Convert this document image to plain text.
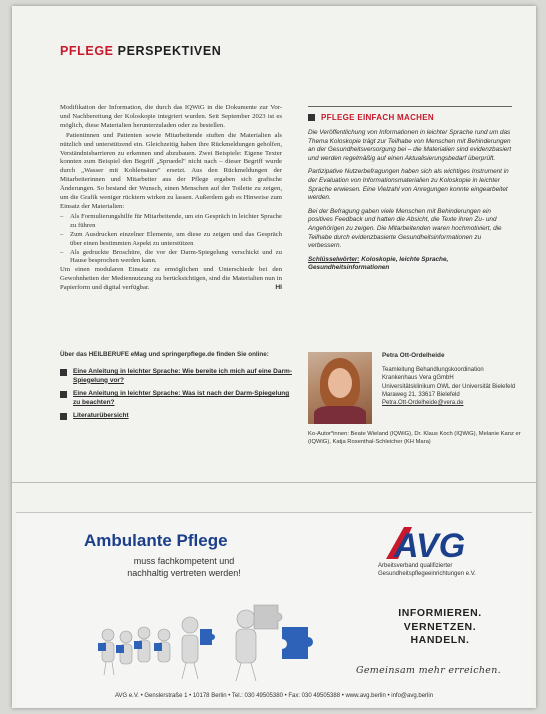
PFLEGE PERSPEKTIVEN

Modifikation der Information, die durch das IQWiG in die Dokumente zur Vor- und Nachbereitung der Koloskopie integriert wurden. Seit September 2023 ist es möglich, diese Materialien herunterzuladen oder zu bestellen.

Patientinnen und Patienten sowie Mitarbeitende stuften die Materialien als nützlich und unterstützend ein. Gleichzeitig haben ihre Rückmeldungen geholfen, Verständnisbarrieren zu erkennen und abzubauen. Zwei Beispiele: Eigene Texter konnten zum Beispiel den Begriff „Spruedel" nicht nach – dieser Begriff wurde durch „Wasser mit Kohlensäure" ersetzt. Aus den Rückmeldungen der Mitarbeiterinnen und Mitarbeiter aus der Pflege ergaben sich grafische Änderungen. So bestand der Wunsch, einen Menschen auf der Toilette zu zeigen, um die Grafik weniger rücktern wirken zu lassen. Außerdem gab es Hinweise zum Einsatz der Materialien:

– Als Formulierungshilfe für Mitarbeitende, um ein Gespräch in leichter Sprache zu führen
– Zum Ausdrucken einzelner Elemente, um diese zu zeigen und das Gespräch über einen bestimmten Aspekt zu unterstützen
– Als gedruckte Broschüre, die vor der Darm-Spiegelung verschickt und zu Hause besprochen werden kann.

Um einen modularen Einsatz zu ermöglichen und Unterschiede bei den Gewohnheiten der Mediennutzung zu berücksichtigen, sind die Materialien nun in Papierform und digital verfügbar.	HI

Über das HEILBERUFE eMag und springerpflege.de finden Sie online:
Eine Anleitung in leichter Sprache: Wie bereite ich mich auf eine Darm-Spiegelung vor?
Eine Anleitung in leichter Sprache: Was ist nach der Darm-Spiegelung zu beachten?
Literaturübersicht
PFLEGE EINFACH MACHEN

Die Veröffentlichung von Informationen in leichter Sprache rund um das Thema Koloskopie trägt zur Teilhabe von Menschen mit Behinderungen an der Gesundheitsversorgung bei – die Materialien sind evidenzbasiert und werden regelmäßig auf einen Aktualisierungsbedarf überprüft.

Partizipative Nutzerbefragungen haben sich als wichtiges Instrument in der Evaluation von Informationsmaterialien zu Koloskopie in leichter Sprache erwiesen. Eine Vielzahl von Anregungen konnte eingearbeitet werden.

Bei der Befragung gaben viele Menschen mit Behinderungen ein positives Feedback und hatten die Absicht, die Texte ihren Zu- und Angehörigen zu zeigen. Die Mitarbeitenden waren hochmotiviert, die Teilhabe durch evidenzbasierte Gesundheitsinformationen zu verbessern.

Schlüsselwörter: Koloskopie, leichte Sprache, Gesundheitsinformationen

Petra Ott-Ordelheide
Teamleitung Behandlungskoordination
Krankenhaus Vera gGmbH
Universitätsklinikum OWL der Universität Bielefeld
Maraweg 21, 33617 Bielefeld
Petra.Ott-Ordelheide@vera.de
Ko-Autor*innen: Beate Wieland (IQWiG), Dr. Klaus Koch (IQWiG), Melanie Kanz er (IQWiG), Katja Rosenthal-Schleicher (KH Mara)
Ambulante Pflege
muss fachkompetent und
nachhaltig vertreten werden!
AVG
Arbeitsverband qualifizierter
Gesundheitspflegeeinrichtungen e.V.
INFORMIEREN.
VERNETZEN.
HANDELN.
Gemeinsam mehr erreichen.
AVG e.V. • Genslerstraße 1 • 10178 Berlin • Tel.: 030 49505380 • Fax: 030 49505388 • www.avg.berlin • info@avg.berlin
